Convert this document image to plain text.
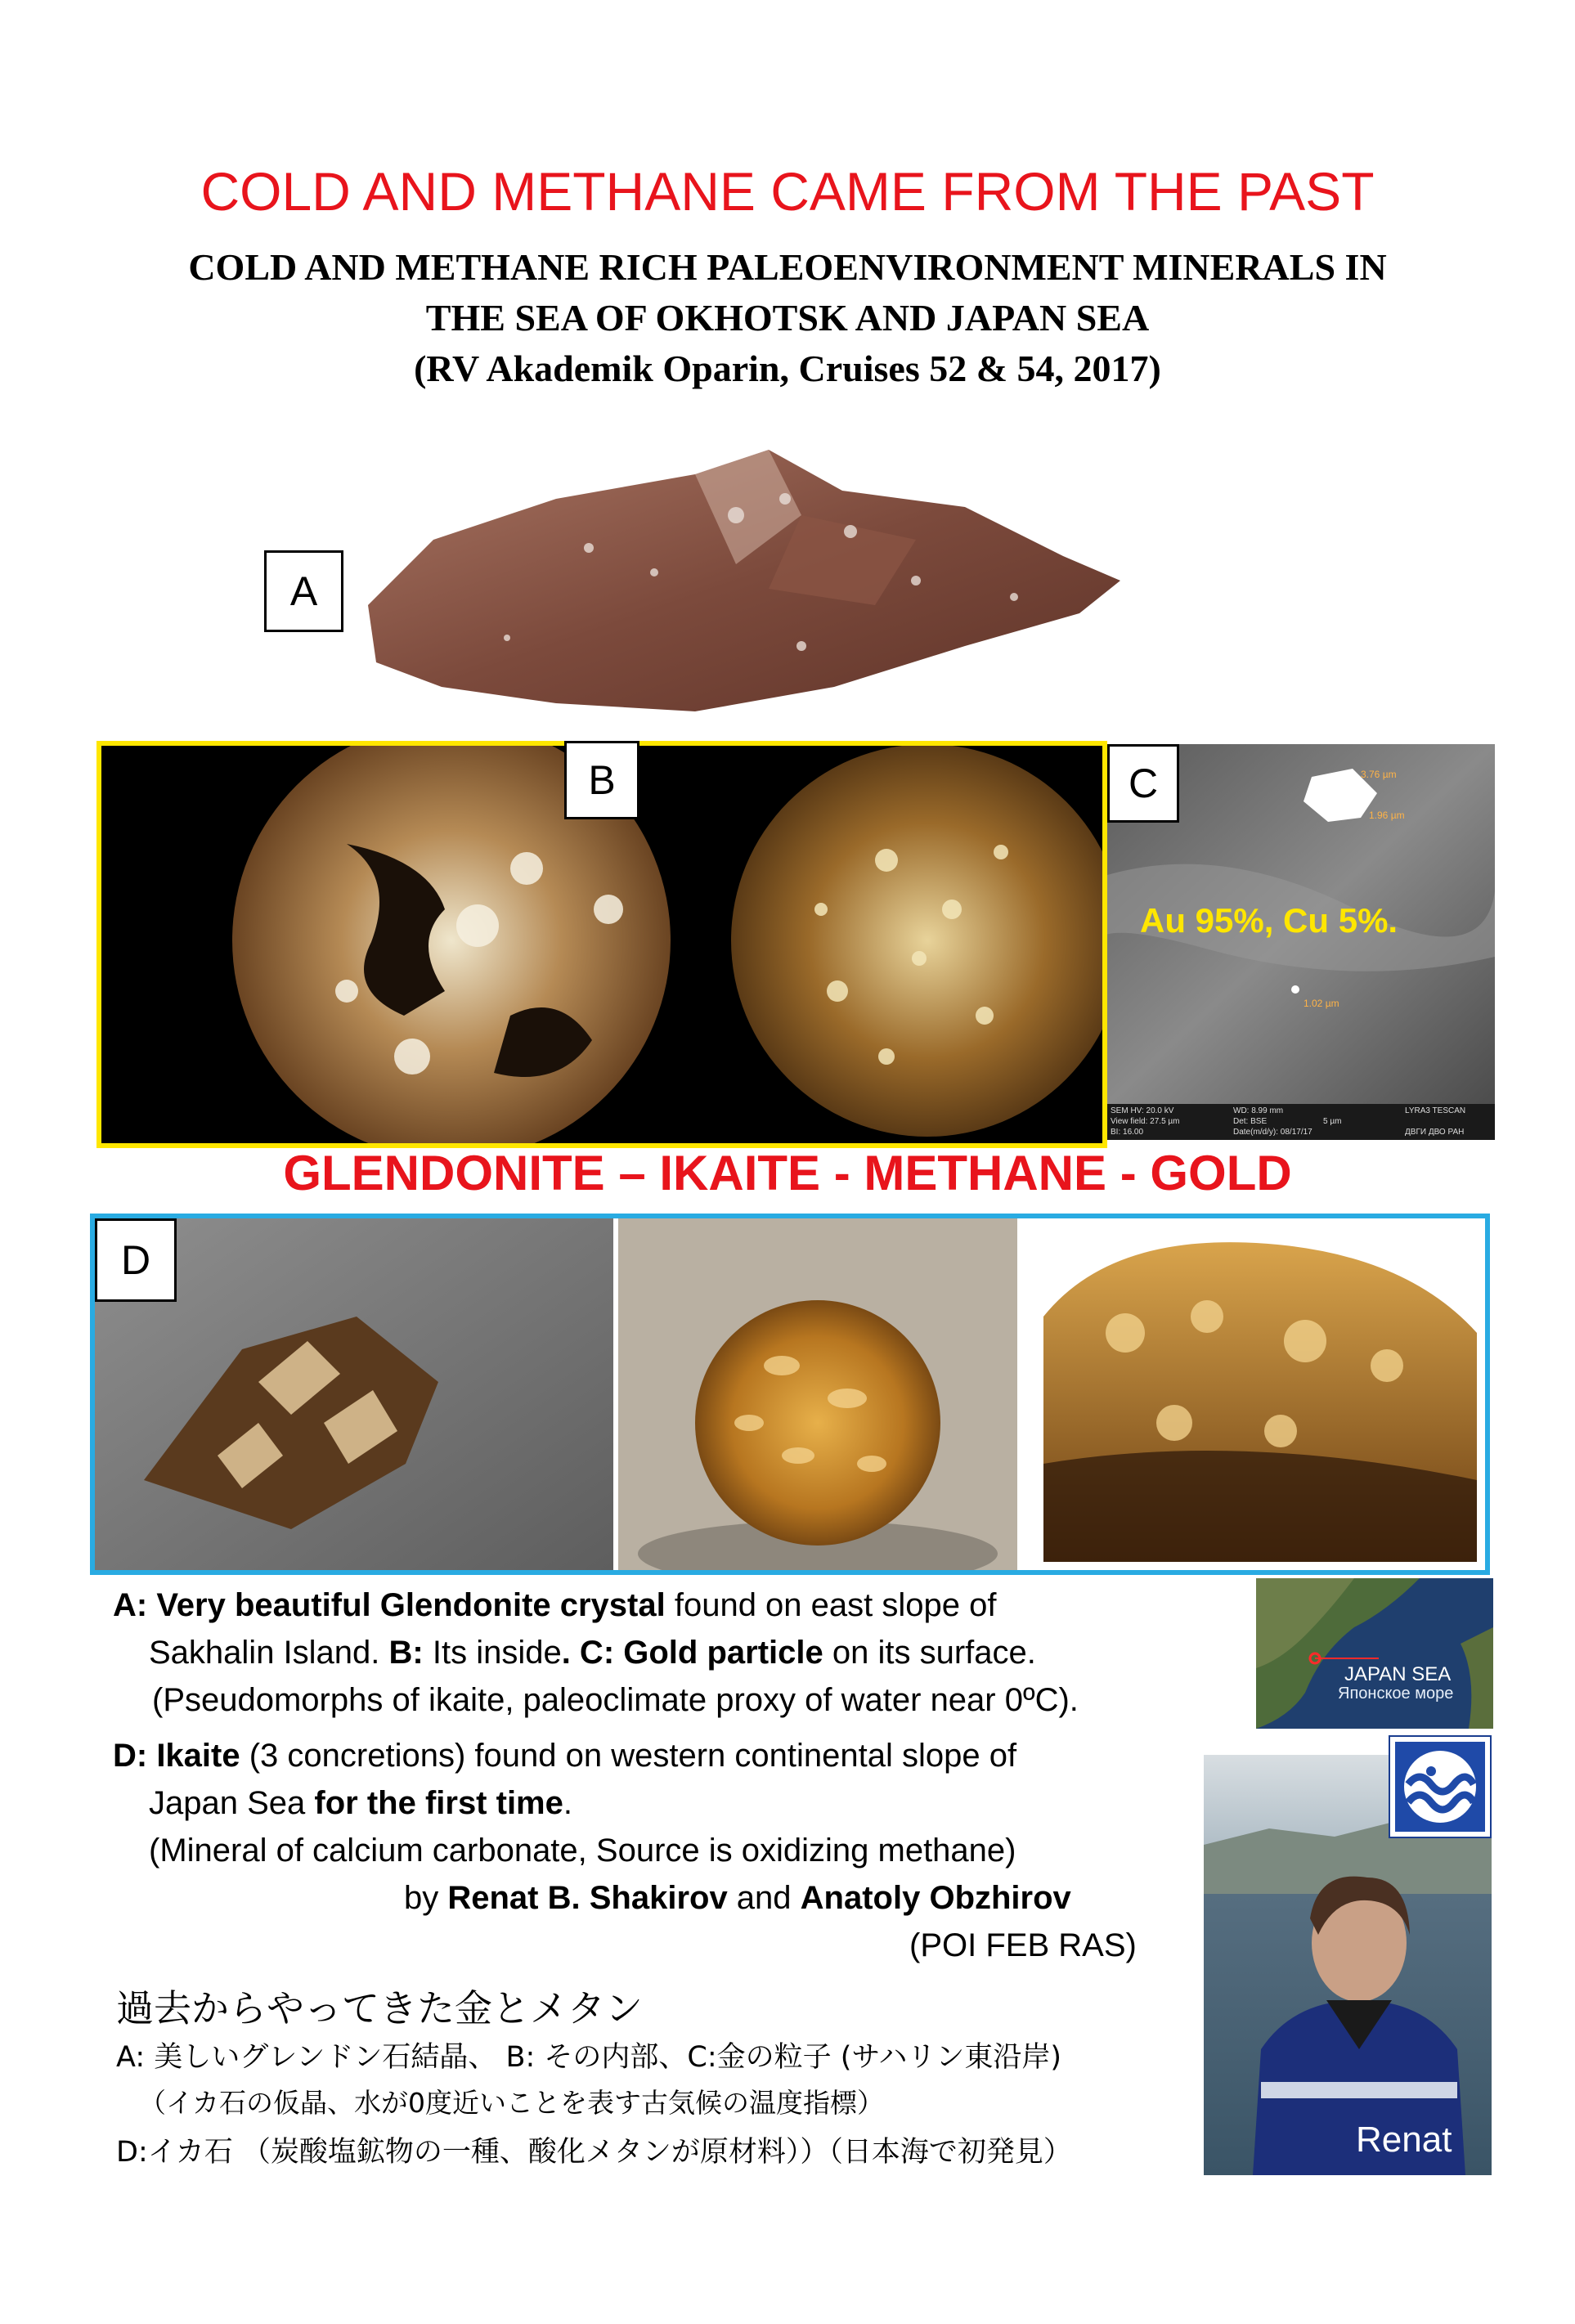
COLD AND METHANE CAME FROM THE PAST
COLD AND METHANE RICH PALEOENVIRONMENT MINERALS IN
THE SEA OF OKHOTSK AND JAPAN SEA
(RV Akademik Oparin, Cruises 52 & 54, 2017)
A
B	3.76 µm
1.96 µm
1.02 µm
Au 95%, Cu 5%.
SEM HV: 20.0 kV	WD: 8.99 mm	LYRA3 TESCAN
View field: 27.5 µm	Det: BSE	5 µm
BI: 16.00	Date(m/d/y): 08/17/17	ДВГИ ДВО РАН
C
GLENDONITE – IKAITE - METHANE - GOLD
D
A: Very beautiful Glendonite crystal found on east slope of
Sakhalin Island. B: Its inside. C: Gold particle on its surface.
(Pseudomorphs of ikaite, paleoclimate proxy of water near 0ºC).
D: Ikaite (3 concretions) found on western continental slope of
Japan Sea for the first time.
(Mineral of calcium carbonate, Source is oxidizing methane)
by Renat B. Shakirov and Anatoly Obzhirov
(POI FEB RAS)
過去からやってきた金とメタン
A: 美しいグレンドン石結晶、 B: その内部、C:金の粒子 (サハリン東沿岸)
（イカ石の仮晶、水が0度近いことを表す古気候の温度指標）
D:イカ石 （炭酸塩鉱物の一種、酸化メタンが原材料））（日本海で初発見）
JAPAN SEA
Японское море
Renat
